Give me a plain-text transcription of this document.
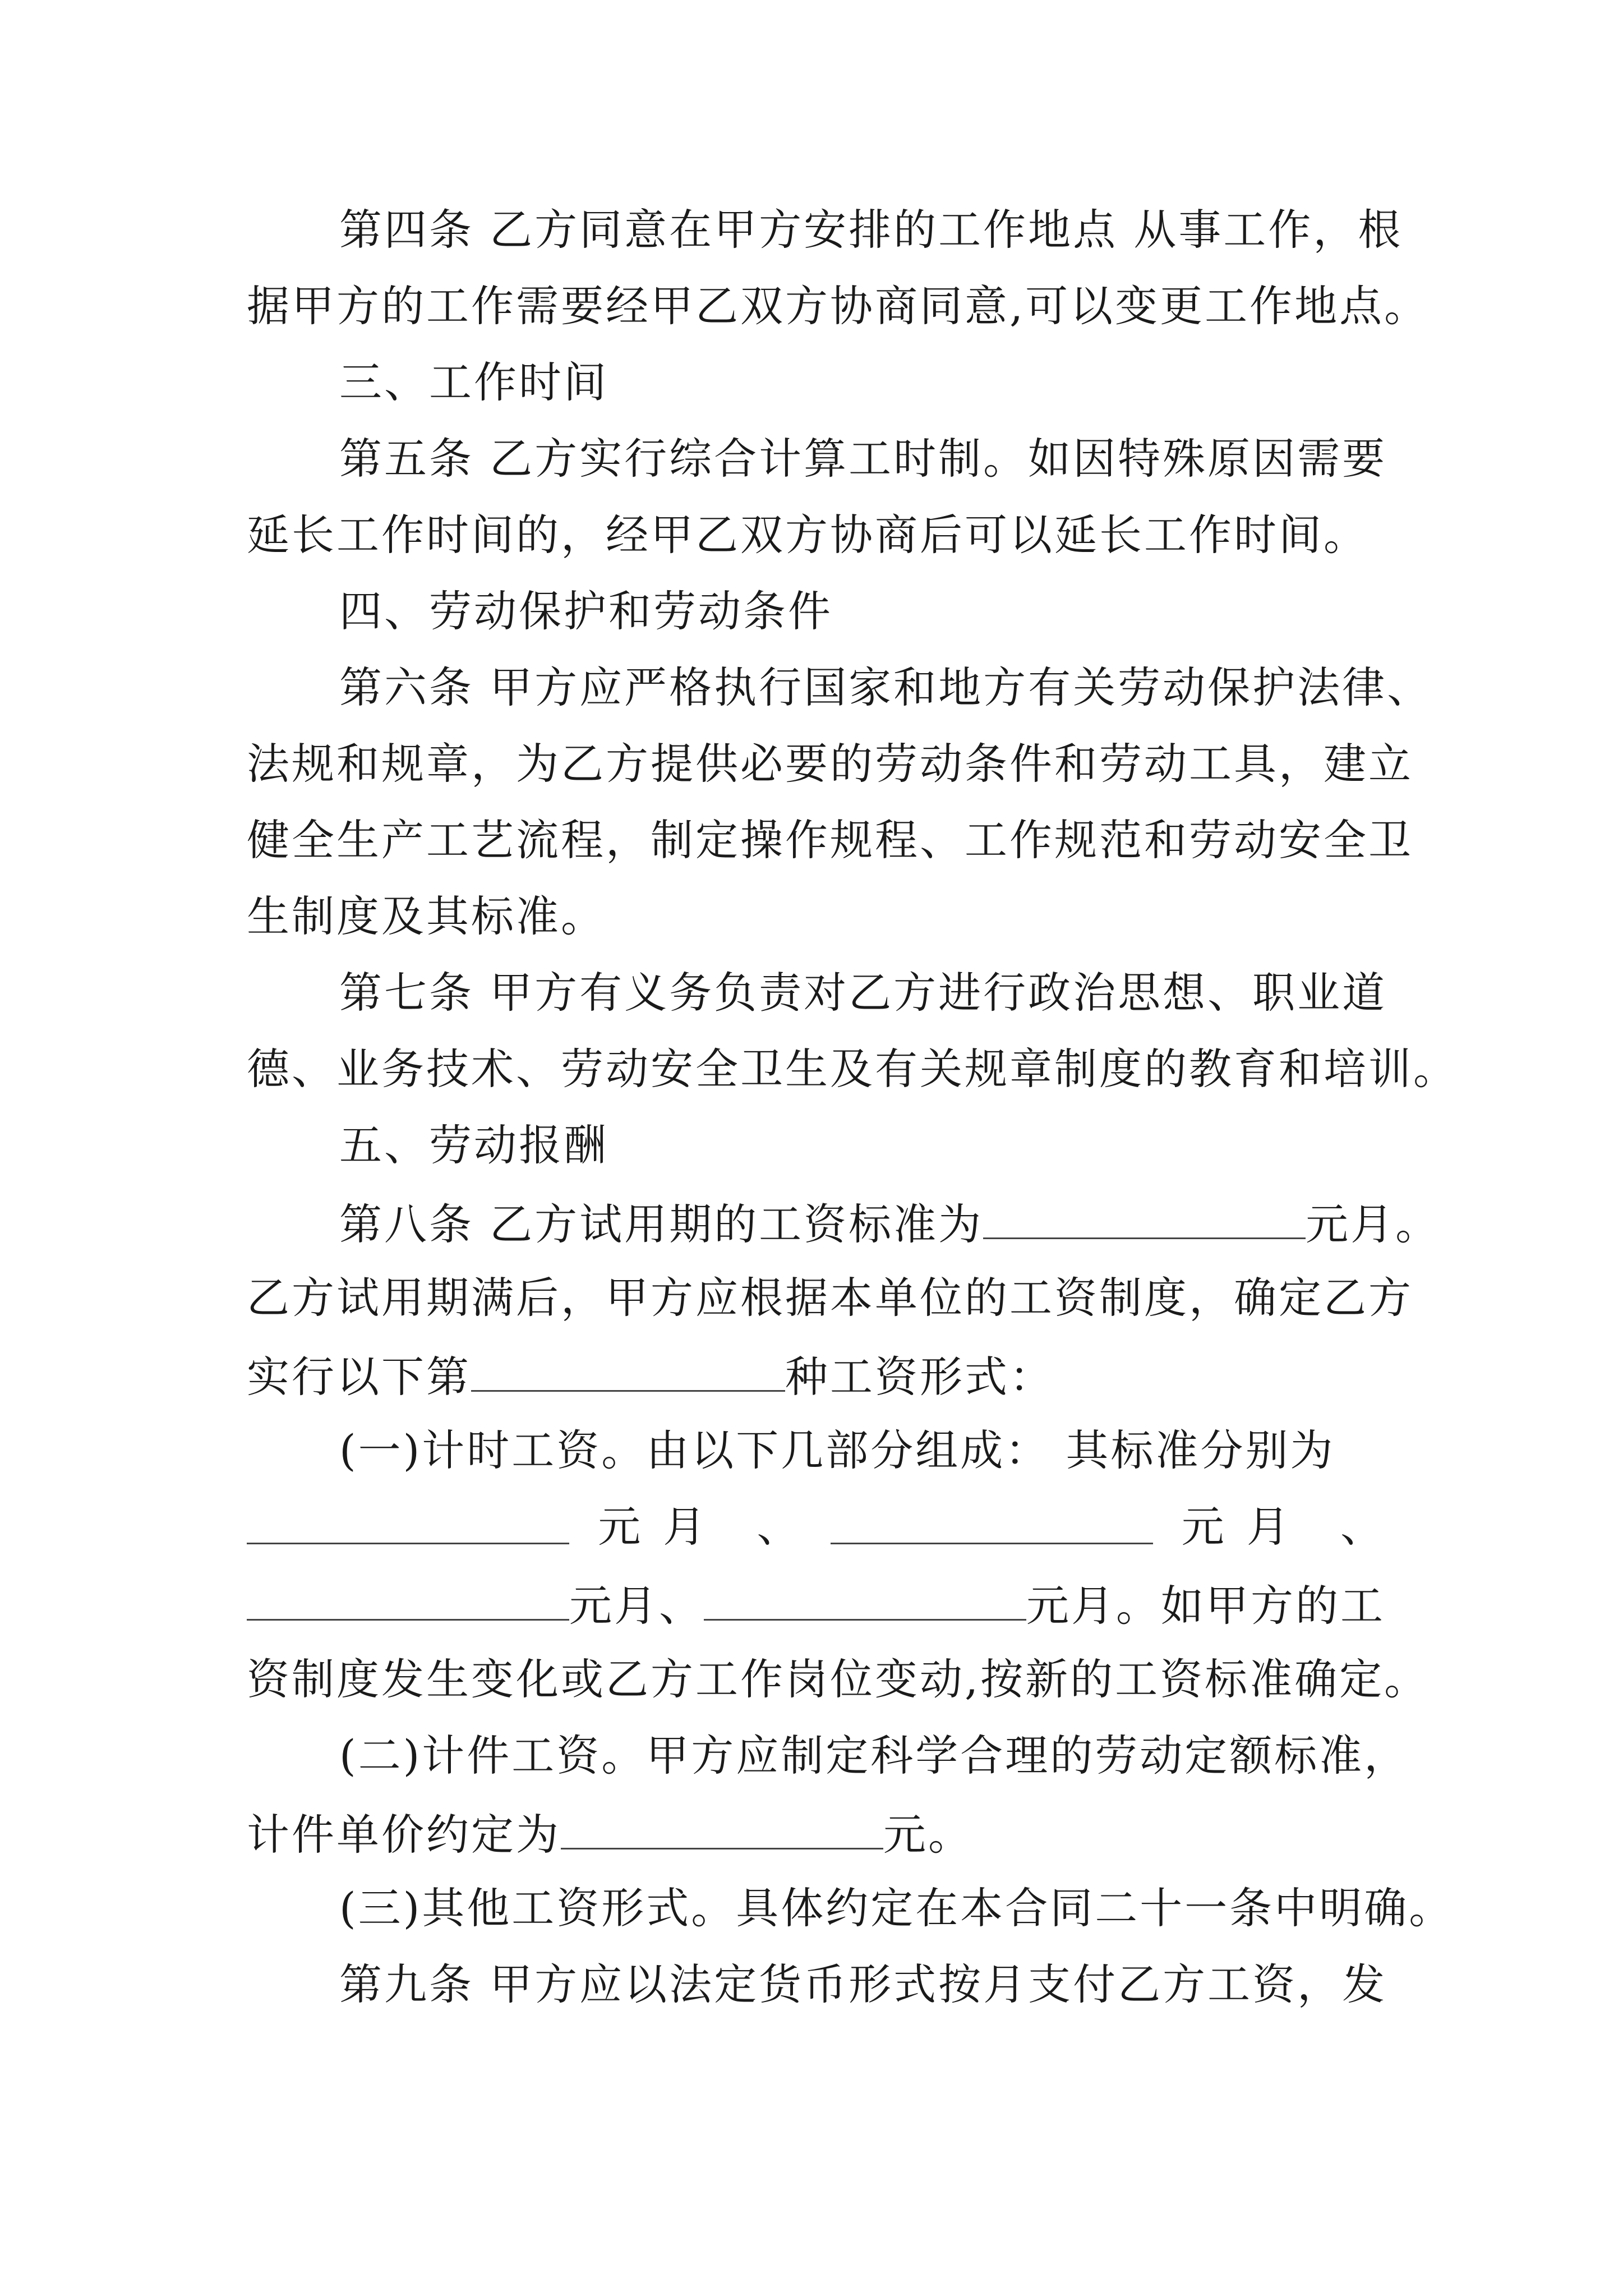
第四条 乙方同意在甲方安排的工作地点 从事工作，根
据甲方的工作需要经甲乙双方协商同意,可以变更工作地点。
三、工作时间
第五条 乙方实行综合计算工时制。如因特殊原因需要
延长工作时间的，经甲乙双方协商后可以延长工作时间。
四、劳动保护和劳动条件
第六条 甲方应严格执行国家和地方有关劳动保护法律、
法规和规章，为乙方提供必要的劳动条件和劳动工具，建立
健全生产工艺流程，制定操作规程、工作规范和劳动安全卫
生制度及其标准。
第七条 甲方有义务负责对乙方进行政治思想、职业道
德、业务技术、劳动安全卫生及有关规章制度的教育和培训。
五、劳动报酬
第八条 乙方试用期的工资标准为	元月。
乙方试用期满后，甲方应根据本单位的工资制度，确定乙方
实行以下第	种工资形式：
(一)计时工资。由以下几部分组成： 其标准分别为
元月 、	元月 、
元月、	元月。如甲方的工
资制度发生变化或乙方工作岗位变动,按新的工资标准确定。
(二)计件工资。甲方应制定科学合理的劳动定额标准，
计件单价约定为	元。
(三)其他工资形式。具体约定在本合同二十一条中明确。
第九条 甲方应以法定货币形式按月支付乙方工资，发
